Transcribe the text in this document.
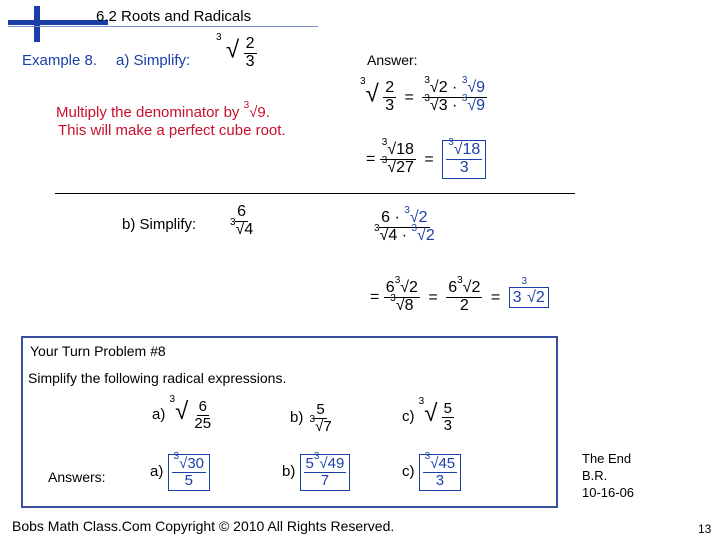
6.2 Roots and Radicals
Example 8. a) Simplify:
$^3$ √ $\frac{2}{3}$	Answer:
Multiply the denominator by $^3$√9.
This will make a perfect cube root.
$^3√ \frac{2}{3} = \frac{^3√2 \cdot ^3√9}{^3√3 \cdot ^3√9}$
= $\frac{^3√18}{^3√27} = \frac{^3√18}{3}$
b) Simplify: $\frac{6}{^3√4}$	$\frac{6 \cdot ^3√2}{^3√4 \cdot ^3√2}$
= $\frac{6^3√2}{^3√8} = \frac{6^3√2}{2} = 3^3√2$
Your Turn Problem #8
Simplify the following radical expressions.
a) $^3√ \frac{6}{25}$	$b) \frac{5}{^3√7}$	c) $^3√ \frac{5}{3}$
Answers:	$a) \frac{^3√30}{5}$	$b) \frac{5^3√49}{7}$	$c) \frac{^3√45}{3}$	The End
B.R.
10-16-06
Bobs Math Class.Com Copyright © 2010 All Rights Reserved.	13
